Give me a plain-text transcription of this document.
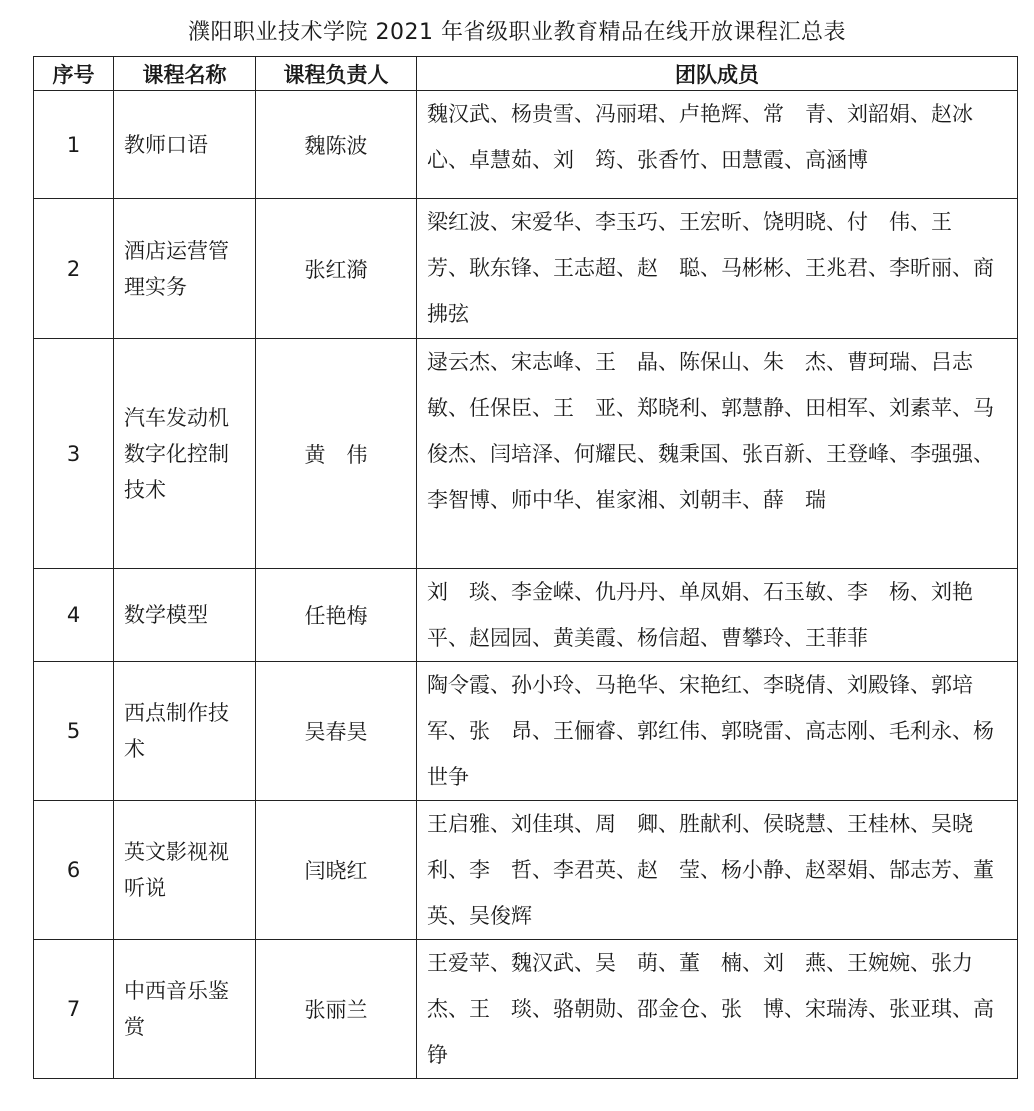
濮阳职业技术学院 2021 年省级职业教育精品在线开放课程汇总表
序号	课程名称	课程负责人	团队成员
1	教师口语	魏陈波	魏汉武、杨贵雪、冯丽珺、卢艳辉、常　青、刘韶娟、赵冰心、卓慧茹、刘　筠、张香竹、田慧霞、高涵博
2	酒店运营管理实务	张红漪	梁红波、宋爱华、李玉巧、王宏昕、饶明晓、付　伟、王　芳、耿东锋、王志超、赵　聪、马彬彬、王兆君、李昕丽、商拂弦
3	汽车发动机数字化控制技术	黄　伟	逯云杰、宋志峰、王　晶、陈保山、朱　杰、曹珂瑞、吕志敏、任保臣、王　亚、郑晓利、郭慧静、田相军、刘素苹、马俊杰、闫培泽、何耀民、魏秉国、张百新、王登峰、李强强、李智博、师中华、崔家湘、刘朝丰、薛　瑞
4	数学模型	任艳梅	刘　琰、李金嵘、仇丹丹、单凤娟、石玉敏、李　杨、刘艳平、赵园园、黄美霞、杨信超、曹攀玲、王菲菲
5	西点制作技术	吴春昊	陶令霞、孙小玲、马艳华、宋艳红、李晓倩、刘殿锋、郭培军、张　昂、王俪睿、郭红伟、郭晓雷、高志刚、毛利永、杨世争
6	英文影视视听说	闫晓红	王启雅、刘佳琪、周　卿、胜献利、侯晓慧、王桂林、吴晓利、李　哲、李君英、赵　莹、杨小静、赵翠娟、郜志芳、董　英、吴俊辉
7	中西音乐鉴赏	张丽兰	王爱苹、魏汉武、吴　萌、董　楠、刘　燕、王婉婉、张力杰、王　琰、骆朝勋、邵金仓、张　博、宋瑞涛、张亚琪、高　铮
